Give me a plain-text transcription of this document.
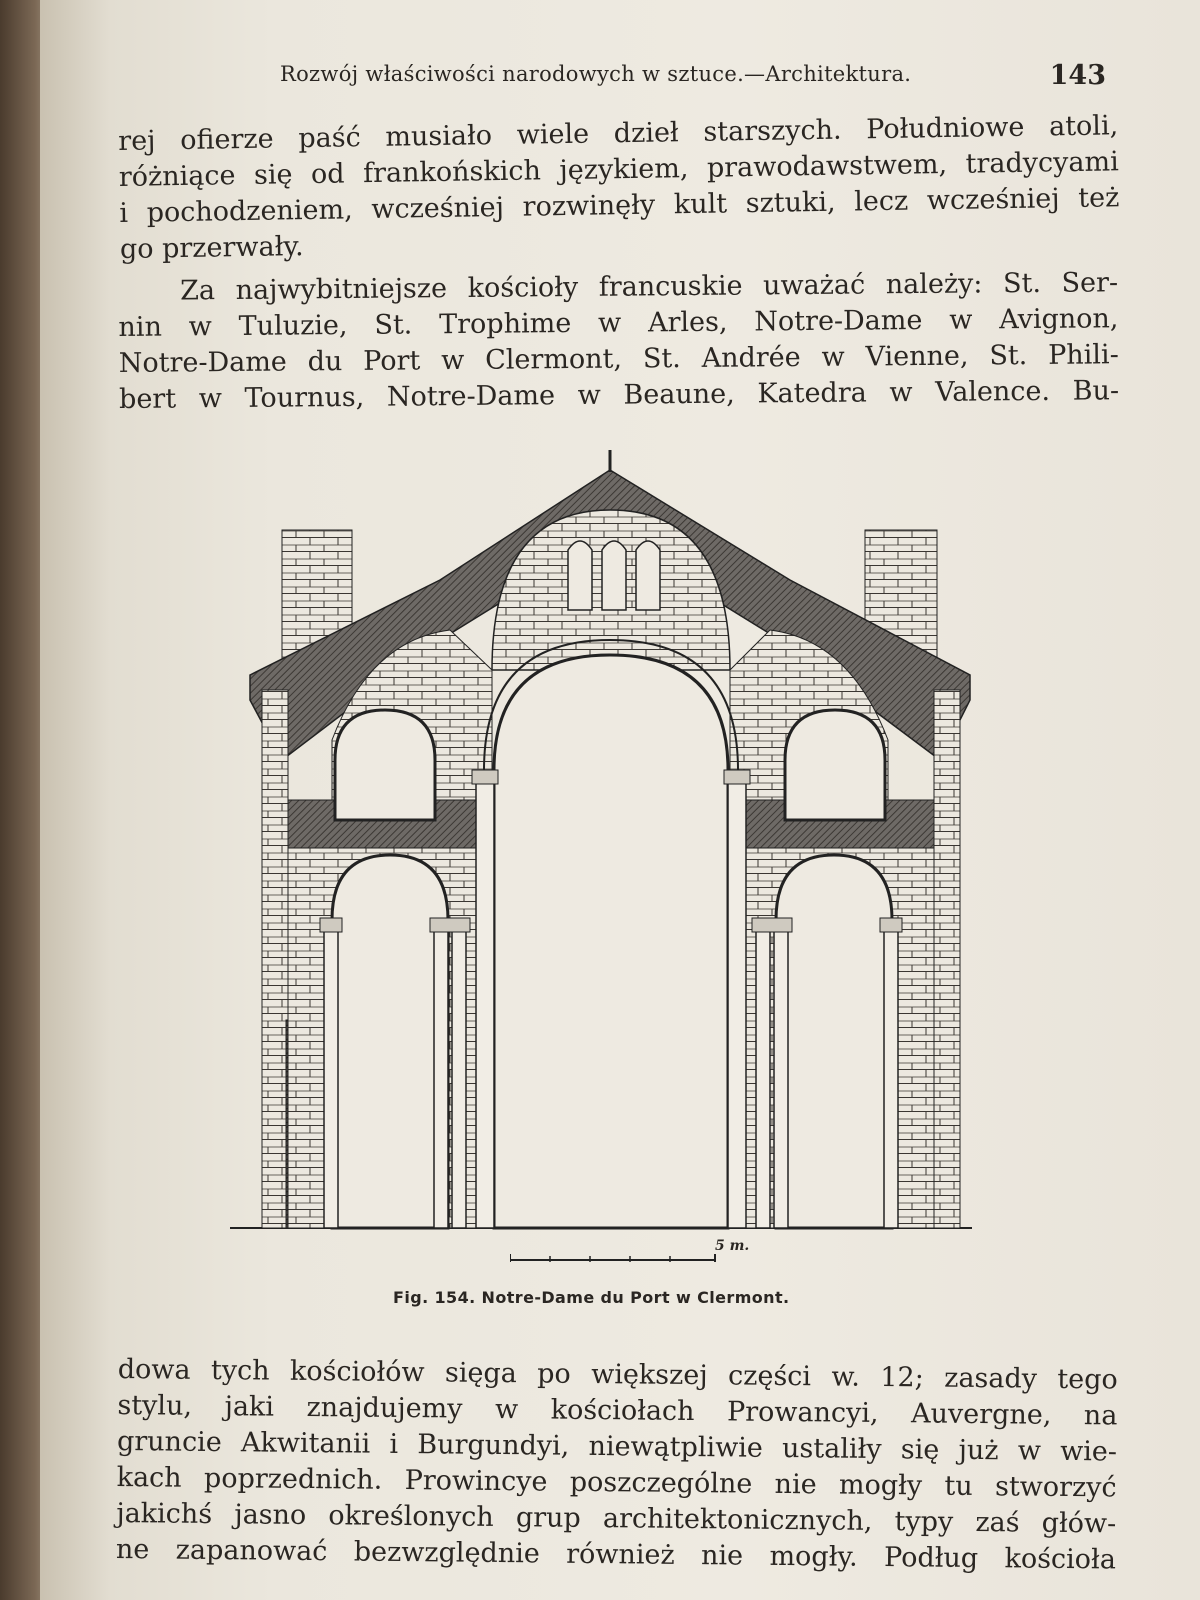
Rozwój właściwości narodowych w sztuce.—Architektura.	143
rej ofierze paść musiało wiele dzieł starszych. Południowe atoli,
różniące się od frankońskich językiem, prawodawstwem, tradycyami
i pochodzeniem, wcześniej rozwinęły kult sztuki, lecz wcześniej też
go przerwały.
Za najwybitniejsze kościoły francuskie uważać należy: St. Ser-
nin w Tuluzie, St. Trophime w Arles, Notre-Dame w Avignon,
Notre-Dame du Port w Clermont, St. Andrée w Vienne, St. Phili-
bert w Tournus, Notre-Dame w Beaune, Katedra w Valence. Bu-
5 m.
Fig. 154. Notre-Dame du Port w Clermont.
dowa tych kościołów sięga po większej części w. 12; zasady tego
stylu, jaki znajdujemy w kościołach Prowancyi, Auvergne, na
gruncie Akwitanii i Burgundyi, niewątpliwie ustaliły się już w wie-
kach poprzednich. Prowincye poszczególne nie mogły tu stworzyć
jakichś jasno określonych grup architektonicznych, typy zaś głów-
ne zapanować bezwzględnie również nie mogły. Podług kościoła
